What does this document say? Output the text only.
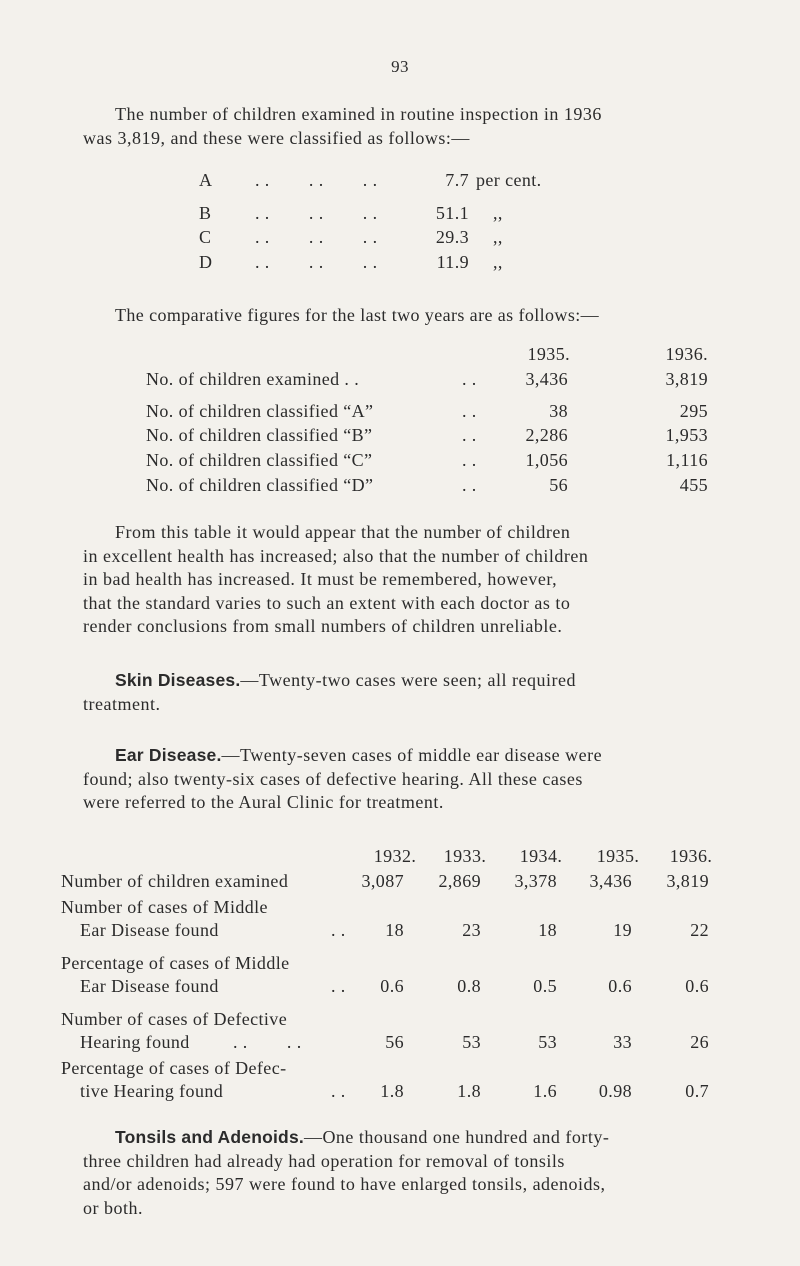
93
The number of children examined in routine inspection in 1936
was 3,819, and these were classified as follows:—
A . .        . .        . .	7.7 per cent.
B . .        . .        . .	51.1 ,,
C . .        . .        . .	29.3 ,,
D . .        . .        . .	11.9 ,,
The comparative figures for the last two years are as follows:—
1935.	1936.
No. of children examined . .	. .	3,436	3,819
No. of children classified “A”	. .	38	295
No. of children classified “B”	. .	2,286	1,953
No. of children classified “C”	. .	1,056	1,116
No. of children classified “D”	. .	56	455
From this table it would appear that the number of children
in excellent health has increased; also that the number of children
in bad health has increased. It must be remembered, however,
that the standard varies to such an extent with each doctor as to
render conclusions from small numbers of children unreliable.
Skin Diseases.—Twenty-two cases were seen; all required
treatment.
Ear Disease.—Twenty-seven cases of middle ear disease were
found; also twenty-six cases of defective hearing. All these cases
were referred to the Aural Clinic for treatment.
1932.	1933.	1934.	1935.	1936.
Number of children examined	3,087	2,869	3,378	3,436	3,819
Number of cases of Middle
Ear Disease found	. .	18	23	18	19	22
Percentage of cases of Middle
Ear Disease found	. .	0.6	0.8	0.5	0.6	0.6
Number of cases of Defective
Hearing found . .        . .	56	53	53	33	26
Percentage of cases of Defec-
tive Hearing found	. .	1.8	1.8	1.6	0.98	0.7
Tonsils and Adenoids.—One thousand one hundred and forty-
three children had already had operation for removal of tonsils
and/or adenoids; 597 were found to have enlarged tonsils, adenoids,
or both.
